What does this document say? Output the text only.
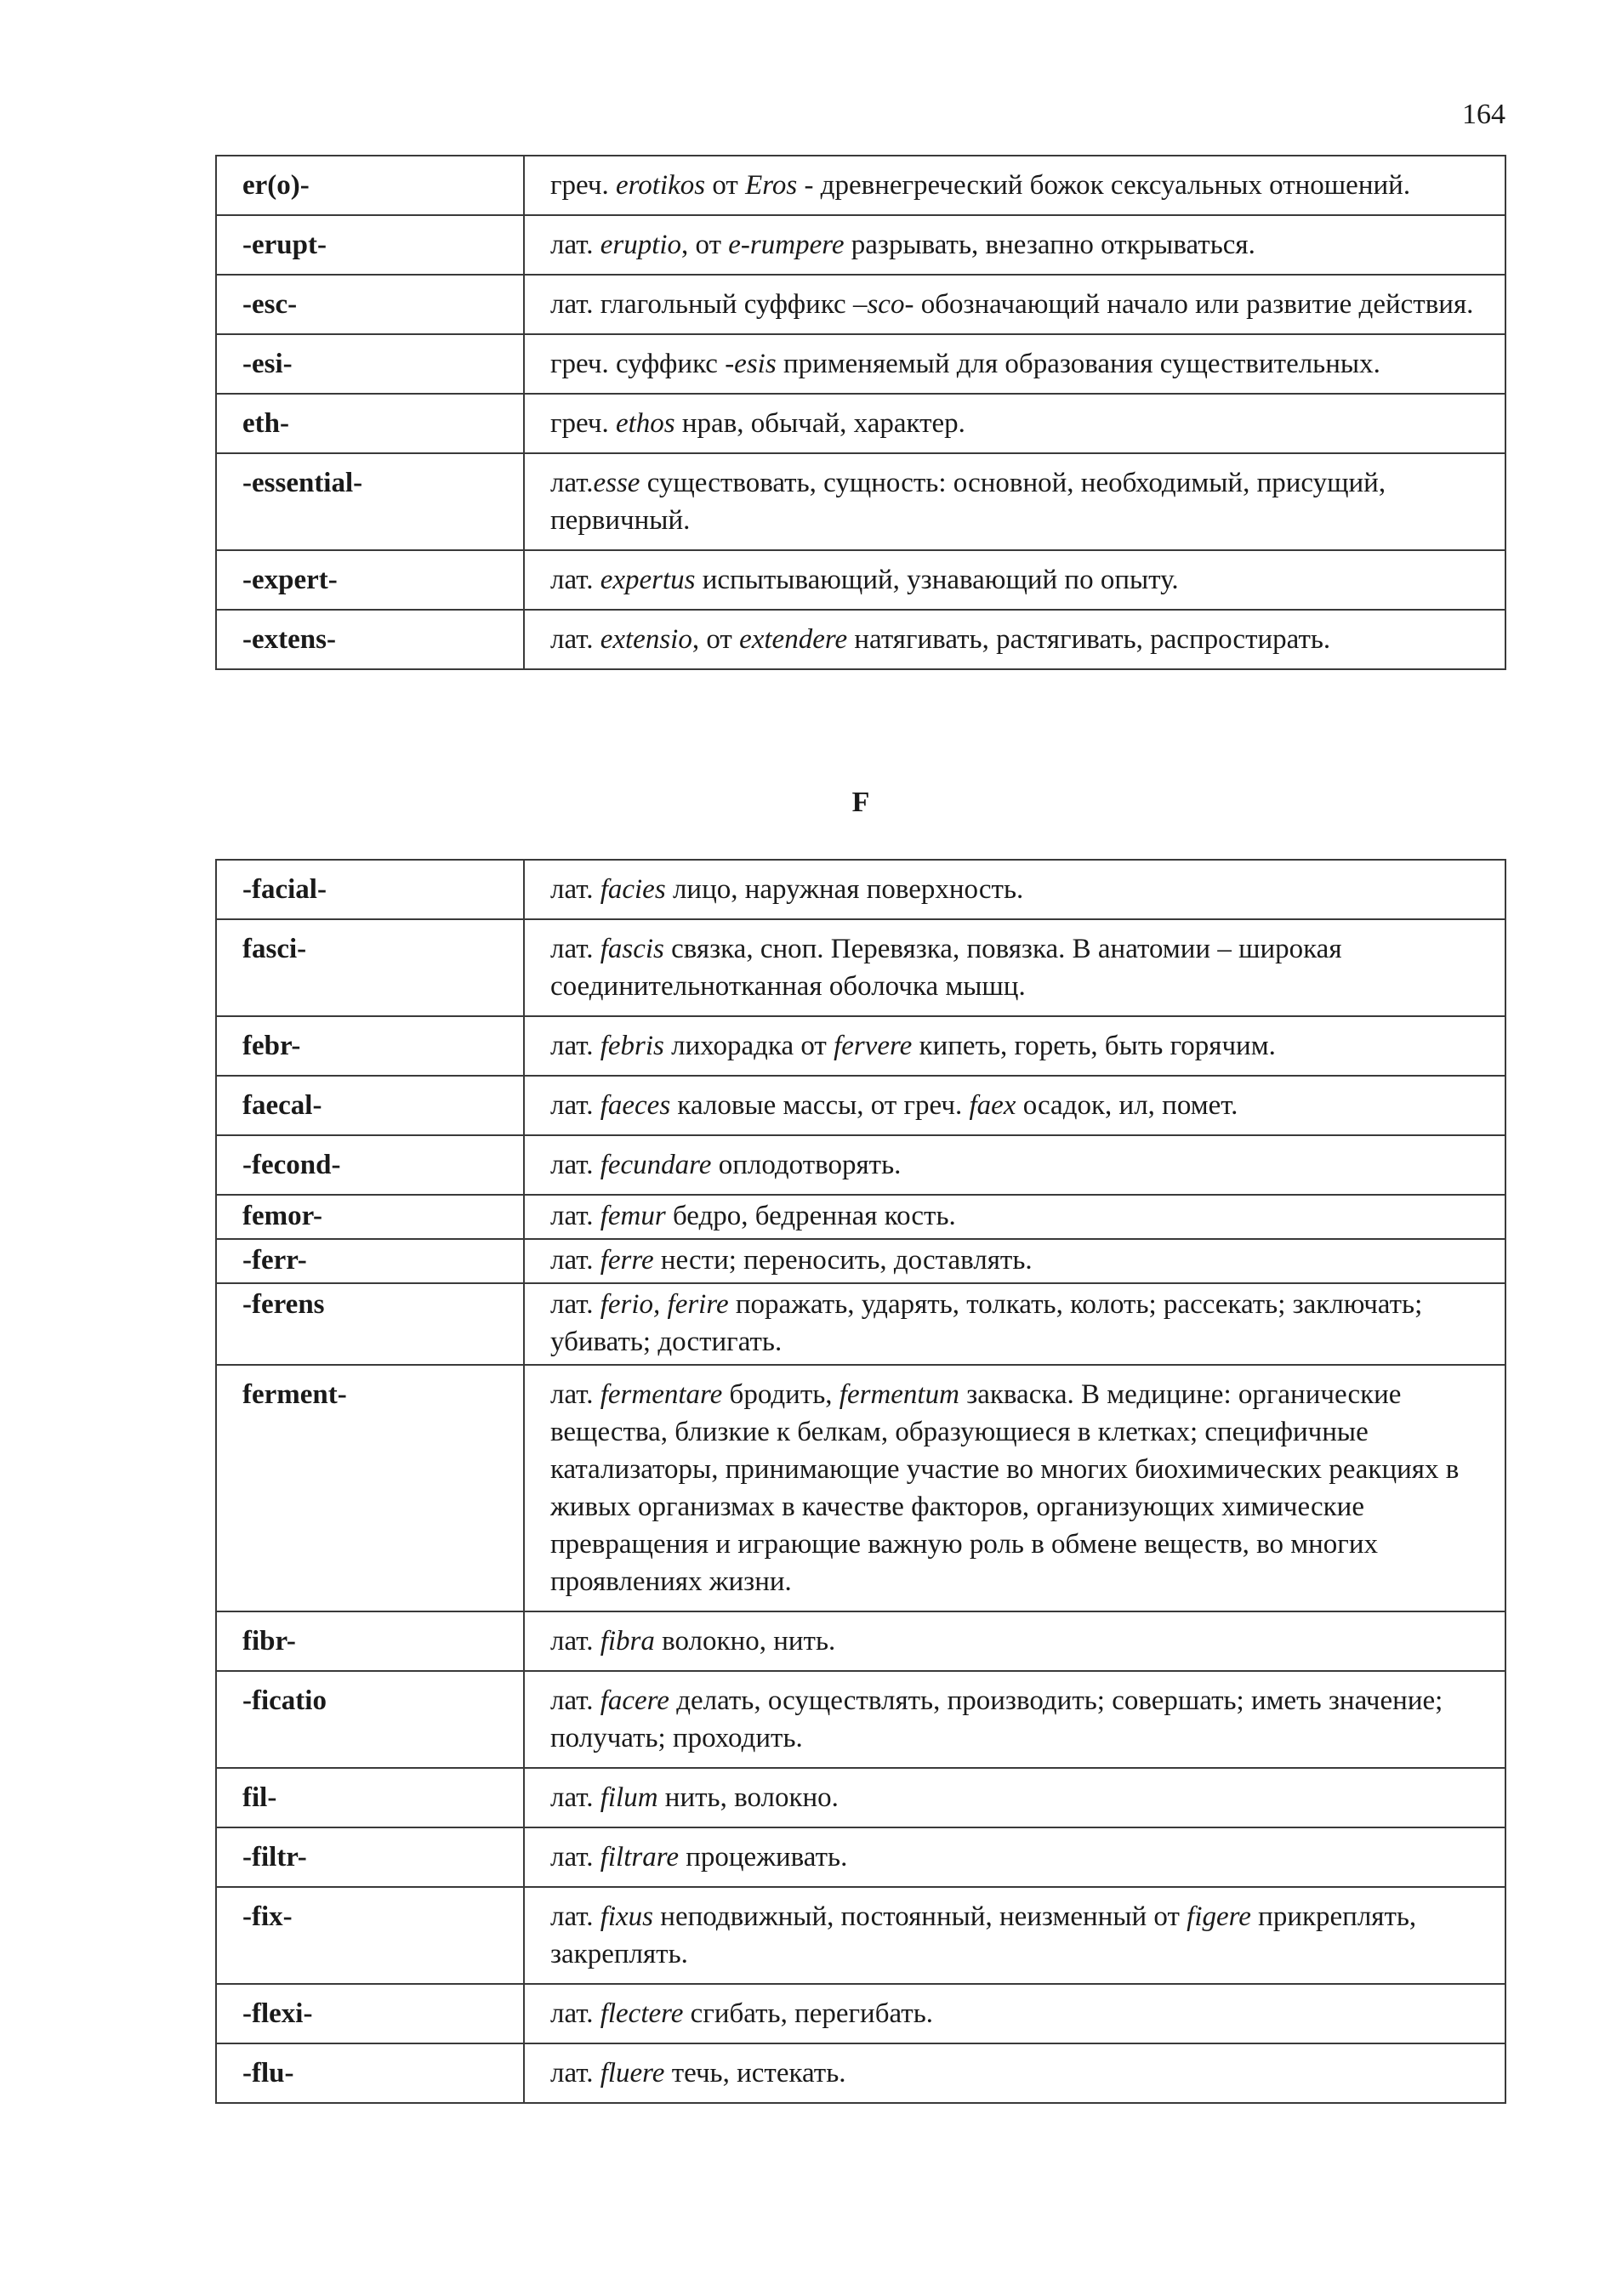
164
er(o)-	греч. erotikos от Eros - древнегреческий божок сексуальных отношений.
-erupt-	лат. eruptio, от e-rumpere разрывать, внезапно открываться.
-esc-	лат. глагольный суффикс –sco- обозначающий начало или развитие действия.
-esi-	греч. суффикс -esis применяемый для образования существительных.
eth-	греч. ethos нрав, обычай, характер.
-essential-	лат.esse существовать, сущность: основной, необходимый, присущий, первичный.
-expert-	лат. expertus испытывающий, узнавающий по опыту.
-extens-	лат. extensio, от extendere натягивать, растягивать, распростирать.
F
-facial-	лат. facies лицо, наружная поверхность.
fasci-	лат. fascis связка, сноп. Перевязка, повязка. В анатомии – широкая соединительнотканная оболочка мышц.
febr-	лат. febris лихорадка от fervere кипеть, гореть, быть горячим.
faecal-	лат. faeces каловые массы, от греч. faex осадок, ил, помет.
-fecond-	лат. fecundare оплодотворять.
femor-	лат. femur бедро, бедренная кость.
-ferr-	лат. ferre нести; переносить, доставлять.
-ferens	лат. ferio, ferire поражать, ударять, толкать, колоть; рассекать; заключать; убивать; достигать.
ferment-	лат. fermentare бродить, fermentum закваска. В медицине: органические вещества, близкие к белкам, образующиеся в клетках; специфичные катализаторы, принимающие участие во многих биохимических реакциях в живых организмах в качестве факторов, организующих химические превращения и играющие важную роль в обмене веществ, во многих проявлениях жизни.
fibr-	лат. fibra волокно, нить.
-ficatio	лат. facere делать, осуществлять, производить; совершать; иметь значение; получать; проходить.
fil-	лат. filum нить, волокно.
-filtr-	лат. filtrare процеживать.
-fix-	лат. fixus неподвижный, постоянный, неизменный от figere прикреплять, закреплять.
-flexi-	лат. flectere сгибать, перегибать.
-flu-	лат. fluere течь, истекать.
